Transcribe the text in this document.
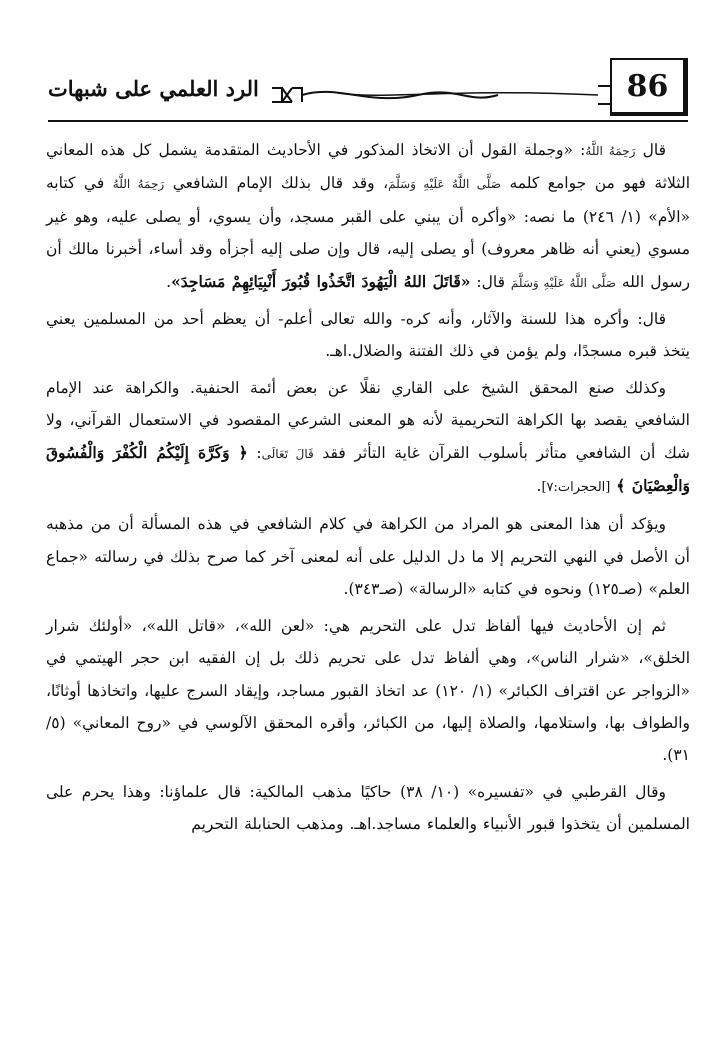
الرد العلمي على شبهات	86

قال رَحِمَهُ اللَّهُ: «وجملة القول أن الاتخاذ المذكور في الأحاديث المتقدمة يشمل كل هذه المعاني الثلاثة فهو من جوامع كلمه صَلَّى اللَّهُ عَلَيْهِ وَسَلَّمَ، وقد قال بذلك الإمام الشافعي رَحِمَهُ اللَّهُ في كتابه «الأم» (١/ ٢٤٦) ما نصه: «وأكره أن يبني على القبر مسجد، وأن يسوي، أو يصلى عليه، وهو غير مسوي (يعني أنه ظاهر معروف) أو يصلى إليه، قال وإن صلى إليه أجزأه وقد أساء، أخبرنا مالك أن رسول الله صَلَّى اللَّهُ عَلَيْهِ وَسَلَّمَ قال: «قَاتَلَ اللهُ الْيَهُودَ اتَّخَذُوا قُبُورَ أَنْبِيَائِهِمْ مَسَاجِدَ».

قال: وأكره هذا للسنة والآثار، وأنه كره- والله تعالى أعلم- أن يعظم أحد من المسلمين يعني يتخذ قبره مسجدًا، ولم يؤمن في ذلك الفتنة والضلال.اهـ.

وكذلك صنع المحقق الشيخ على القاري نقلًا عن بعض أئمة الحنفية. والكراهة عند الإمام الشافعي يقصد بها الكراهة التحريمية لأنه هو المعنى الشرعي المقصود في الاستعمال القرآني، ولا شك أن الشافعي متأثر بأسلوب القرآن غاية التأثر فقد قَالَ تَعَالَى: ﴿ وَكَرَّهَ إِلَيْكُمُ الْكُفْرَ وَالْفُسُوقَ وَالْعِصْيَانَ ﴾ [الحجرات:٧].

ويؤكد أن هذا المعنى هو المراد من الكراهة في كلام الشافعي في هذه المسألة أن من مذهبه أن الأصل في النهي التحريم إلا ما دل الدليل على أنه لمعنى آخر كما صرح بذلك في رسالته «جماع العلم» (صـ١٢٥) ونحوه في كتابه «الرسالة» (صـ٣٤٣).

ثم إن الأحاديث فيها ألفاظ تدل على التحريم هي: «لعن الله»، «قاتل الله»، «أولئك شرار الخلق»، «شرار الناس»، وهي ألفاظ تدل على تحريم ذلك بل إن الفقيه ابن حجر الهيتمي في «الزواجر عن اقتراف الكبائر» (١/ ١٢٠) عد اتخاذ القبور مساجد، وإيقاد السرج عليها، واتخاذها أوثانًا، والطواف بها، واستلامها، والصلاة إليها، من الكبائر، وأقره المحقق الآلوسي في «روح المعاني» (٥/ ٣١).

وقال القرطبي في «تفسيره» (١٠/ ٣٨) حاكيًا مذهب المالكية: قال علماؤنا: وهذا يحرم على المسلمين أن يتخذوا قبور الأنبياء والعلماء مساجد.اهـ. ومذهب الحنابلة التحريم
